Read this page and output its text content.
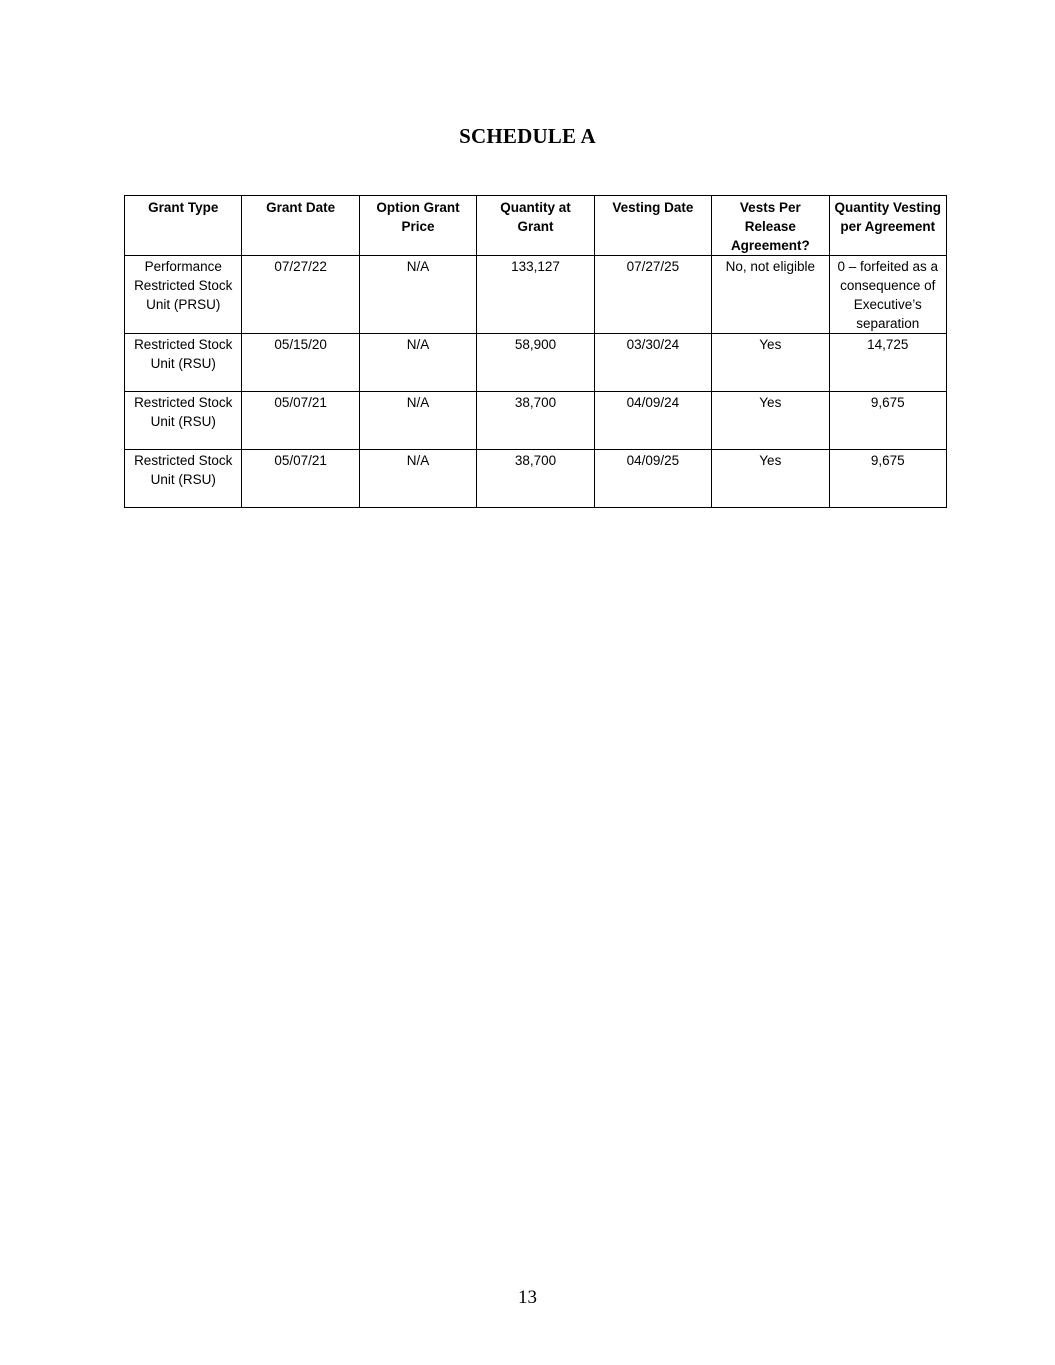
SCHEDULE A
Grant Type	Grant Date	Option Grant Price	Quantity at Grant	Vesting Date	Vests Per Release Agreement?	Quantity Vesting per Agreement
Performance Restricted Stock Unit (PRSU)	07/27/22	N/A	133,127	07/27/25	No, not eligible	0 – forfeited as a consequence of Executive’s separation
Restricted Stock Unit (RSU)	05/15/20	N/A	58,900	03/30/24	Yes	14,725
Restricted Stock Unit (RSU)	05/07/21	N/A	38,700	04/09/24	Yes	9,675
Restricted Stock Unit (RSU)	05/07/21	N/A	38,700	04/09/25	Yes	9,675
13
